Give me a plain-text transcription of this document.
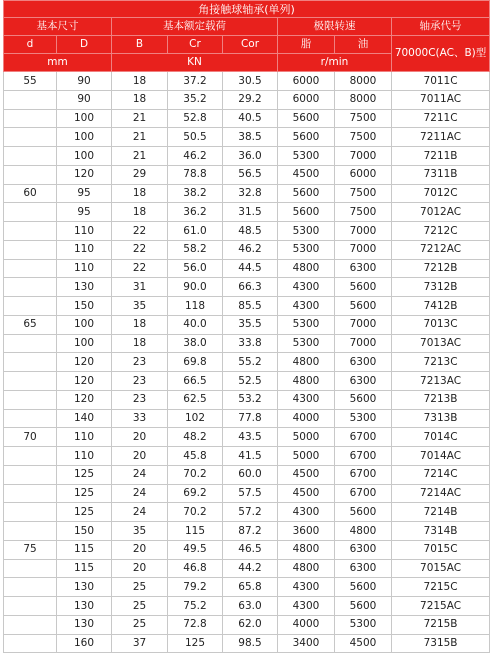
角接触球轴承(单列)							
基本尺寸		基本额定载荷			极限转速		轴承代号
d	D	B	Cr	Cor	脂	油	70000C(AC、B)型
mm		KN			r/min		
55	90	18	37.2	30.5	6000	8000	7011C
	90	18	35.2	29.2	6000	8000	7011AC
	100	21	52.8	40.5	5600	7500	7211C
	100	21	50.5	38.5	5600	7500	7211AC
	100	21	46.2	36.0	5300	7000	7211B
	120	29	78.8	56.5	4500	6000	7311B
60	95	18	38.2	32.8	5600	7500	7012C
	95	18	36.2	31.5	5600	7500	7012AC
	110	22	61.0	48.5	5300	7000	7212C
	110	22	58.2	46.2	5300	7000	7212AC
	110	22	56.0	44.5	4800	6300	7212B
	130	31	90.0	66.3	4300	5600	7312B
	150	35	118	85.5	4300	5600	7412B
65	100	18	40.0	35.5	5300	7000	7013C
	100	18	38.0	33.8	5300	7000	7013AC
	120	23	69.8	55.2	4800	6300	7213C
	120	23	66.5	52.5	4800	6300	7213AC
	120	23	62.5	53.2	4300	5600	7213B
	140	33	102	77.8	4000	5300	7313B
70	110	20	48.2	43.5	5000	6700	7014C
	110	20	45.8	41.5	5000	6700	7014AC
	125	24	70.2	60.0	4500	6700	7214C
	125	24	69.2	57.5	4500	6700	7214AC
	125	24	70.2	57.2	4300	5600	7214B
	150	35	115	87.2	3600	4800	7314B
75	115	20	49.5	46.5	4800	6300	7015C
	115	20	46.8	44.2	4800	6300	7015AC
	130	25	79.2	65.8	4300	5600	7215C
	130	25	75.2	63.0	4300	5600	7215AC
	130	25	72.8	62.0	4000	5300	7215B
	160	37	125	98.5	3400	4500	7315B
